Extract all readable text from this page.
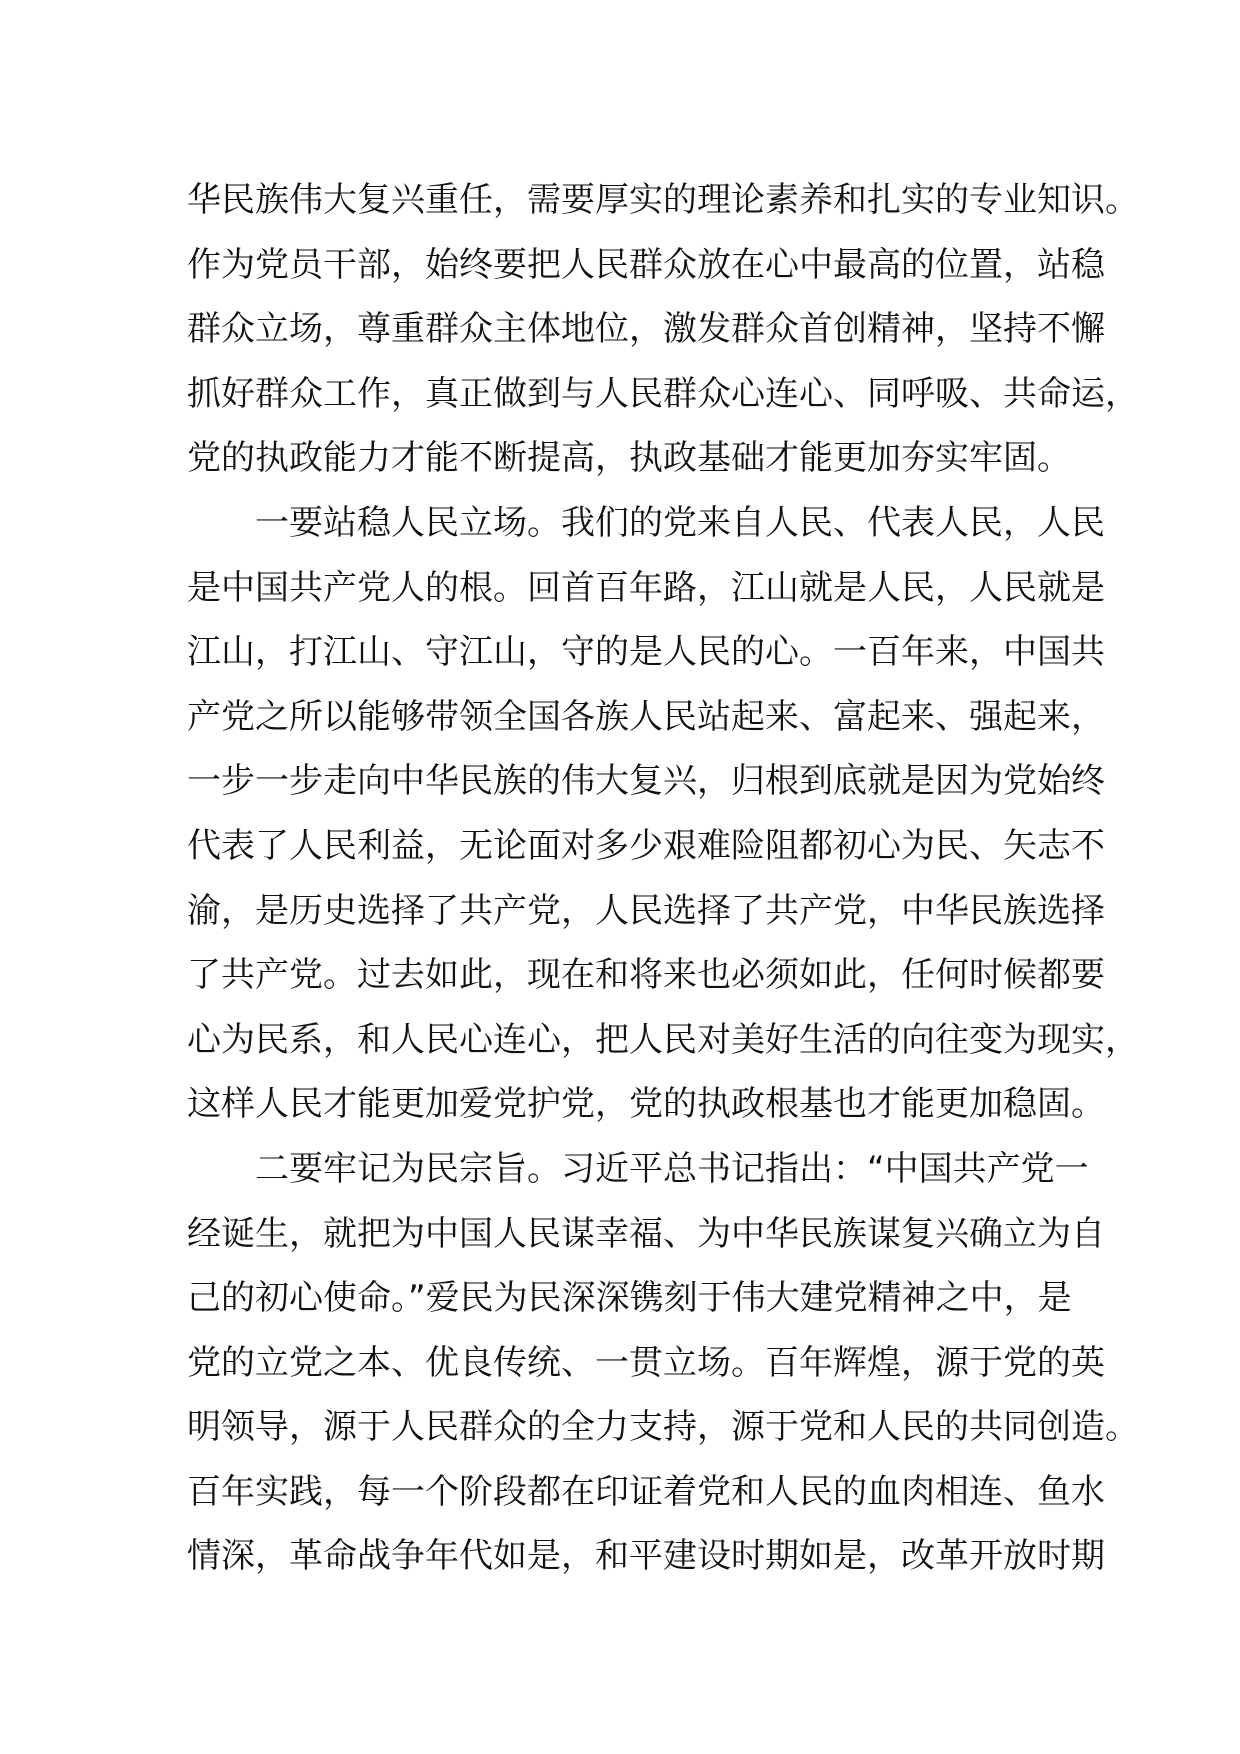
华民族伟大复兴重任，需要厚实的理论素养和扎实的专业知识。
作为党员干部，始终要把人民群众放在心中最高的位置，站稳
群众立场，尊重群众主体地位，激发群众首创精神，坚持不懈
抓好群众工作，真正做到与人民群众心连心、同呼吸、共命运，
党的执政能力才能不断提高，执政基础才能更加夯实牢固。
一要站稳人民立场。我们的党来自人民、代表人民，人民
是中国共产党人的根。回首百年路，江山就是人民，人民就是
江山，打江山、守江山，守的是人民的心。一百年来，中国共
产党之所以能够带领全国各族人民站起来、富起来、强起来，
一步一步走向中华民族的伟大复兴，归根到底就是因为党始终
代表了人民利益，无论面对多少艰难险阻都初心为民、矢志不
渝，是历史选择了共产党，人民选择了共产党，中华民族选择
了共产党。过去如此，现在和将来也必须如此，任何时候都要
心为民系，和人民心连心，把人民对美好生活的向往变为现实，
这样人民才能更加爱党护党，党的执政根基也才能更加稳固。
二要牢记为民宗旨。习近平总书记指出：“中国共产党一
经诞生，就把为中国人民谋幸福、为中华民族谋复兴确立为自
己的初心使命。”爱民为民深深镌刻于伟大建党精神之中，是
党的立党之本、优良传统、一贯立场。百年辉煌，源于党的英
明领导，源于人民群众的全力支持，源于党和人民的共同创造。
百年实践，每一个阶段都在印证着党和人民的血肉相连、鱼水
情深，革命战争年代如是，和平建设时期如是，改革开放时期
